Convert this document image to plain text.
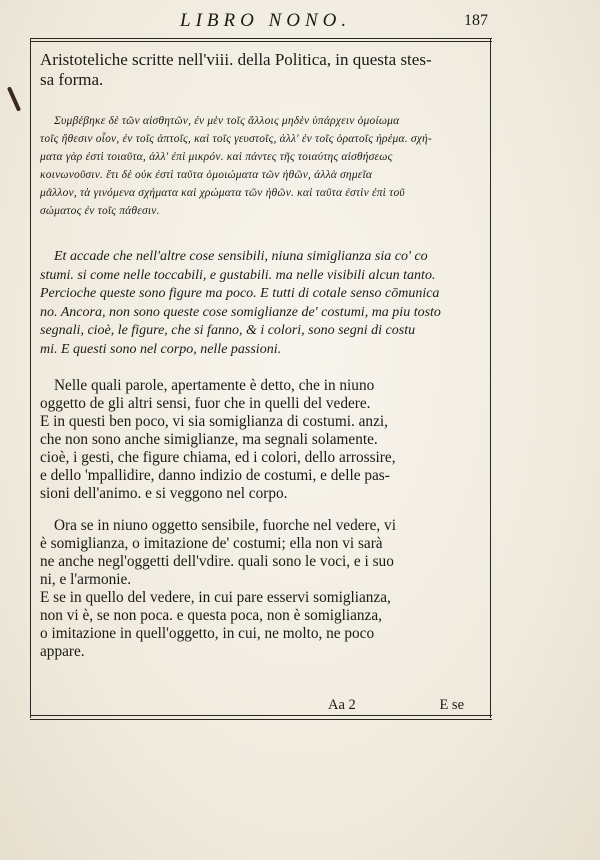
LIBRO NONO.	187
Aristoteliche scritte nell'viii. della Politica, in questa stes-
sa forma.
Συμβέβηκε δὲ τῶν αἰσθητῶν, ἐν μὲν τοῖς ἄλλοις μηδὲν ὑπάρχειν ὁμοίωμα
τοῖς ἤθεσιν οἷον, ἐν τοῖς ἁπτοῖς, καὶ τοῖς γευστοῖς, ἀλλ' ἐν τοῖς ὁρατοῖς ἠρέμα. σχή-
ματα γὰρ ἐστὶ τοιαῦτα, ἀλλ' ἐπὶ μικρόν. καὶ πάντες τῆς τοιαύτης αἰσθήσεως
κοινωνοῦσιν. ἔτι δὲ οὐκ ἐστὶ ταῦτα ὁμοιώματα τῶν ἠθῶν, ἀλλὰ σημεῖα
μᾶλλον, τὰ γινόμενα σχήματα καὶ χρώματα τῶν ἠθῶν. καὶ ταῦτα ἐστὶν ἐπὶ τοῦ
σώματος ἐν τοῖς πάθεσιν.
Et accade che nell'altre cose sensibili, niuna simiglianza sia co' co
stumi. si come nelle toccabili, e gustabili. ma nelle visibili alcun tanto.
Percioche queste sono figure ma poco. E tutti di cotale senso cōmunica
no. Ancora, non sono queste cose somiglianze de' costumi, ma piu tosto
segnali, cioè, le figure, che si fanno, & i colori, sono segni di costu
mi. E questi sono nel corpo, nelle passioni.
Nelle quali parole, apertamente è detto, che in niuno
oggetto de gli altri sensi, fuor che in quelli del vedere.
E in questi ben poco, vi sia somiglianza di costumi. anzi,
che non sono anche simiglianze, ma segnali solamente.
cioè, i gesti, che figure chiama, ed i colori, dello arrossire,
e dello 'mpallidire, danno indizio de costumi, e delle pas-
sioni dell'animo. e si veggono nel corpo.
Ora se in niuno oggetto sensibile, fuorche nel vedere, vi
è somiglianza, o imitazione de' costumi; ella non vi sarà
ne anche negl'oggetti dell'vdire. quali sono le voci, e i suo
ni, e l'armonie.
E se in quello del vedere, in cui pare esservi somiglianza,
non vi è, se non poca. e questa poca, non è somiglianza,
o imitazione in quell'oggetto, in cui, ne molto, ne poco
appare.
Aa 2	E se
